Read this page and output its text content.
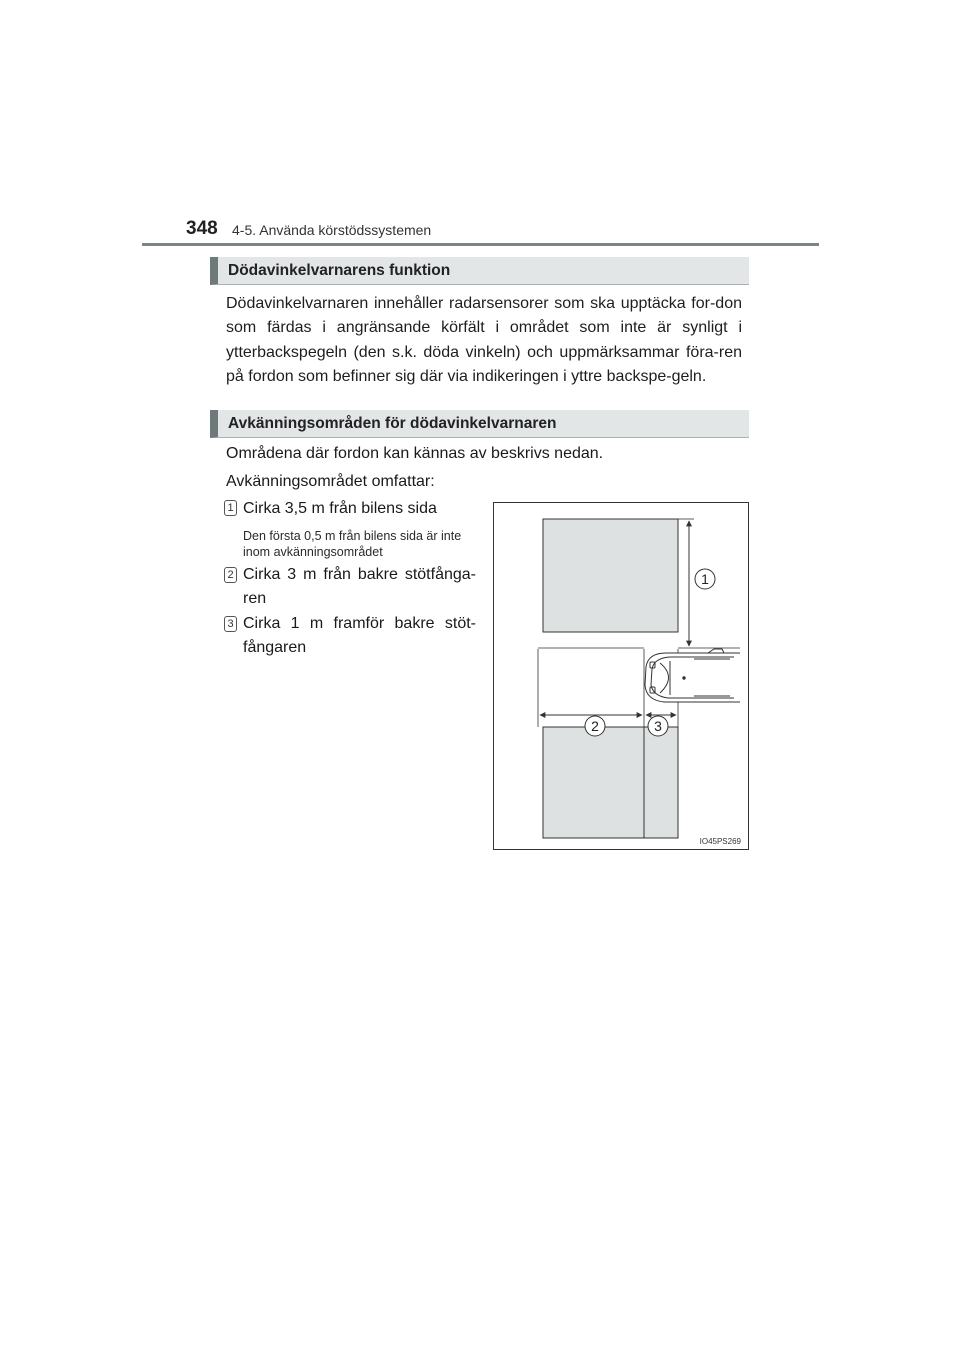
348 4-5. Använda körstödssystemen
Dödavinkelvarnarens funktion

Dödavinkelvarnaren innehåller radarsensorer som ska upptäcka for-don som färdas i angränsande körfält i området som inte är synligt i ytterbackspegeln (den s.k. döda vinkeln) och uppmärksammar föra-ren på fordon som befinner sig där via indikeringen i yttre backspe-geln.

Avkänningsområden för dödavinkelvarnaren

Områdena där fordon kan kännas av beskrivs nedan.

Avkänningsområdet omfattar:

1 Cirka 3,5 m från bilens sida

Den första 0,5 m från bilens sida är inte inom avkänningsområdet

2 Cirka 3 m från bakre stötfånga-ren

3 Cirka 1 m framför bakre stöt-fångaren

1
2	3
IO45PS269
